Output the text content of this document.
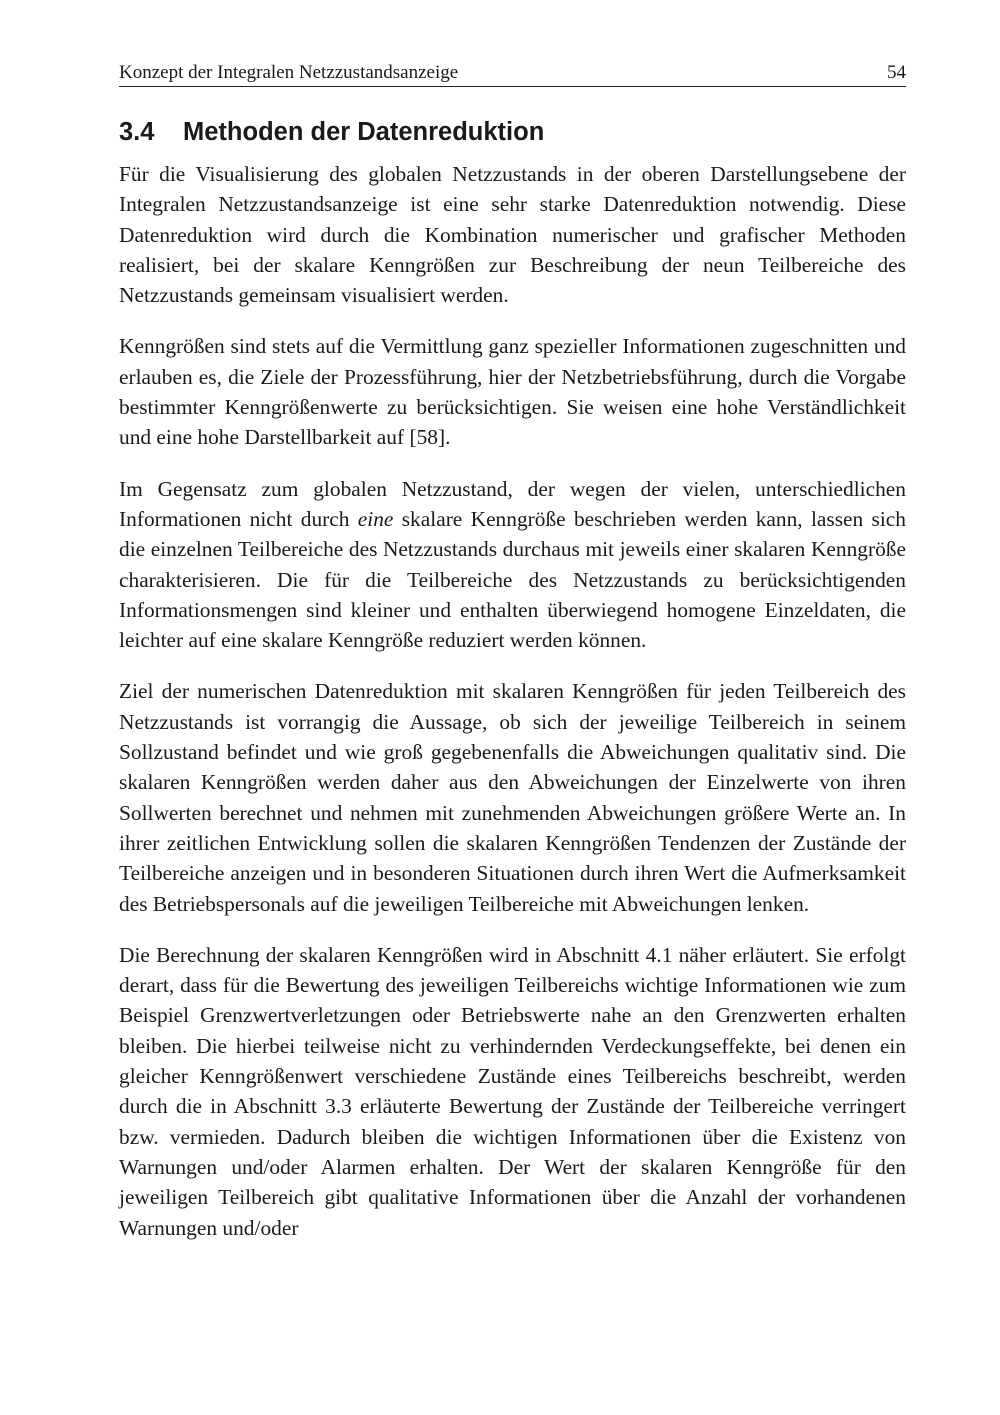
Konzept der Integralen Netzzustandsanzeige	54
3.4	Methoden der Datenreduktion

Für die Visualisierung des globalen Netzzustands in der oberen Darstellungsebene der Integralen Netzzustandsanzeige ist eine sehr starke Datenreduktion notwendig. Diese Datenreduktion wird durch die Kombination numerischer und grafischer Methoden realisiert, bei der skalare Kenngrößen zur Beschreibung der neun Teilbereiche des Netzzustands gemeinsam visualisiert werden.

Kenngrößen sind stets auf die Vermittlung ganz spezieller Informationen zugeschnitten und erlauben es, die Ziele der Prozessführung, hier der Netzbetriebsführung, durch die Vorgabe bestimmter Kenngrößenwerte zu berücksichtigen. Sie weisen eine hohe Verständlichkeit und eine hohe Darstellbarkeit auf [58].

Im Gegensatz zum globalen Netzzustand, der wegen der vielen, unterschiedlichen Informationen nicht durch eine skalare Kenngröße beschrieben werden kann, lassen sich die einzelnen Teilbereiche des Netzzustands durchaus mit jeweils einer skalaren Kenngröße charakterisieren. Die für die Teilbereiche des Netzzustands zu berücksichtigenden Informationsmengen sind kleiner und enthalten überwiegend homogene Einzeldaten, die leichter auf eine skalare Kenngröße reduziert werden können.

Ziel der numerischen Datenreduktion mit skalaren Kenngrößen für jeden Teilbereich des Netzzustands ist vorrangig die Aussage, ob sich der jeweilige Teilbereich in seinem Sollzustand befindet und wie groß gegebenenfalls die Abweichungen qualitativ sind. Die skalaren Kenngrößen werden daher aus den Abweichungen der Einzelwerte von ihren Sollwerten berechnet und nehmen mit zunehmenden Abweichungen größere Werte an. In ihrer zeitlichen Entwicklung sollen die skalaren Kenngrößen Tendenzen der Zustände der Teilbereiche anzeigen und in besonderen Situationen durch ihren Wert die Aufmerksamkeit des Betriebspersonals auf die jeweiligen Teilbereiche mit Abweichungen lenken.

Die Berechnung der skalaren Kenngrößen wird in Abschnitt 4.1 näher erläutert. Sie erfolgt derart, dass für die Bewertung des jeweiligen Teilbereichs wichtige Informationen wie zum Beispiel Grenzwertverletzungen oder Betriebswerte nahe an den Grenzwerten erhalten bleiben. Die hierbei teilweise nicht zu verhindernden Verdeckungseffekte, bei denen ein gleicher Kenngrößenwert verschiedene Zustände eines Teilbereichs beschreibt, werden durch die in Abschnitt 3.3 erläuterte Bewertung der Zustände der Teilbereiche verringert bzw. vermieden. Dadurch bleiben die wichtigen Informationen über die Existenz von Warnungen und/oder Alarmen erhalten. Der Wert der skalaren Kenngröße für den jeweiligen Teilbereich gibt qualitative Informationen über die Anzahl der vorhandenen Warnungen und/oder
